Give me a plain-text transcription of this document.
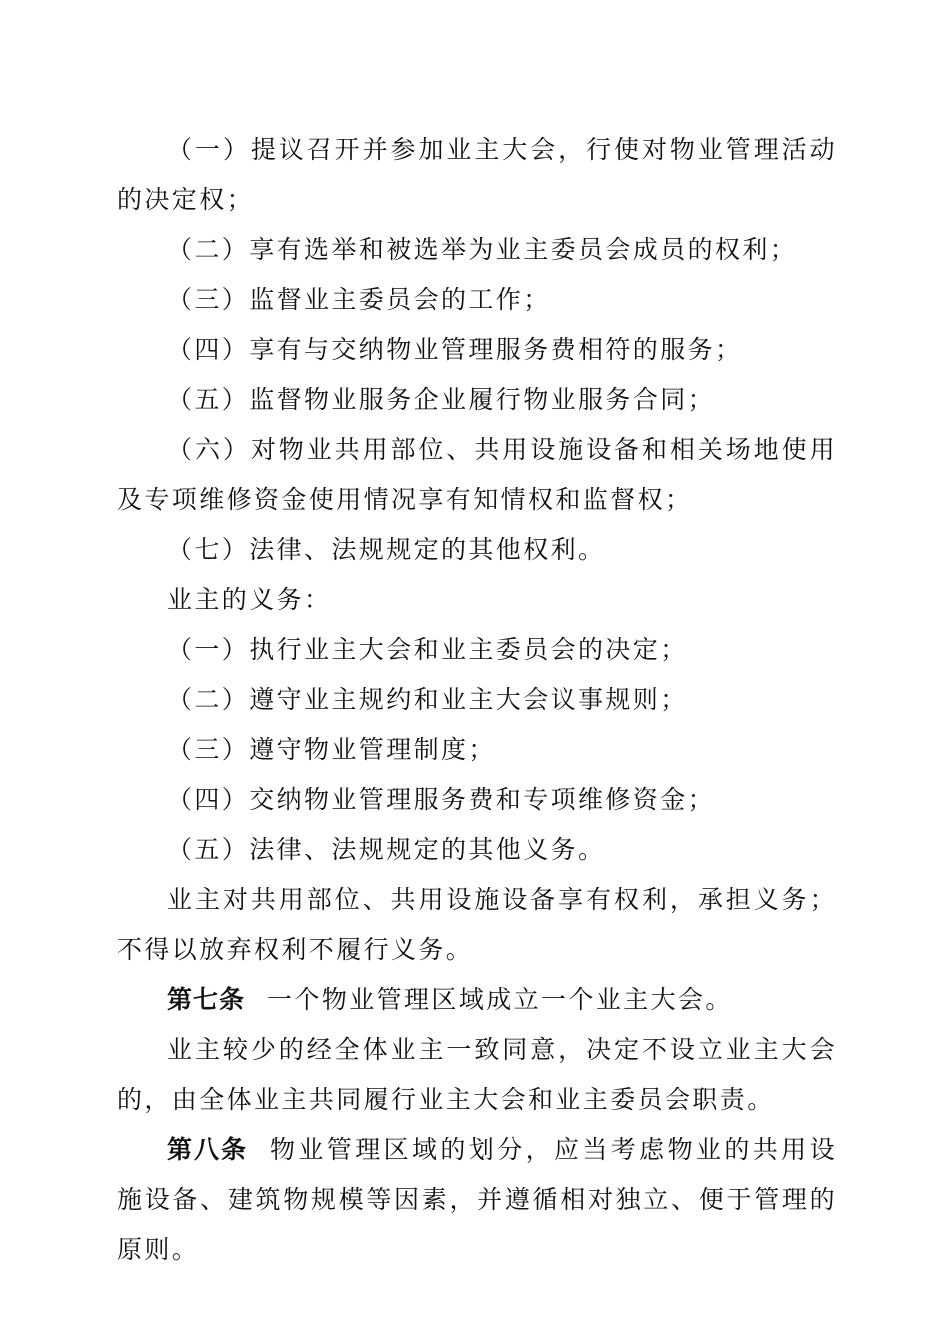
（一）提议召开并参加业主大会，行使对物业管理活动的决定权；

（二）享有选举和被选举为业主委员会成员的权利；

（三）监督业主委员会的工作；

（四）享有与交纳物业管理服务费相符的服务；

（五）监督物业服务企业履行物业服务合同；

（六）对物业共用部位、共用设施设备和相关场地使用及专项维修资金使用情况享有知情权和监督权；

（七）法律、法规规定的其他权利。

业主的义务：

（一）执行业主大会和业主委员会的决定；

（二）遵守业主规约和业主大会议事规则；

（三）遵守物业管理制度；

（四）交纳物业管理服务费和专项维修资金；

（五）法律、法规规定的其他义务。

业主对共用部位、共用设施设备享有权利，承担义务；不得以放弃权利不履行义务。

第七条 一个物业管理区域成立一个业主大会。

业主较少的经全体业主一致同意，决定不设立业主大会的，由全体业主共同履行业主大会和业主委员会职责。

第八条 物业管理区域的划分，应当考虑物业的共用设施设备、建筑物规模等因素，并遵循相对独立、便于管理的原则。
